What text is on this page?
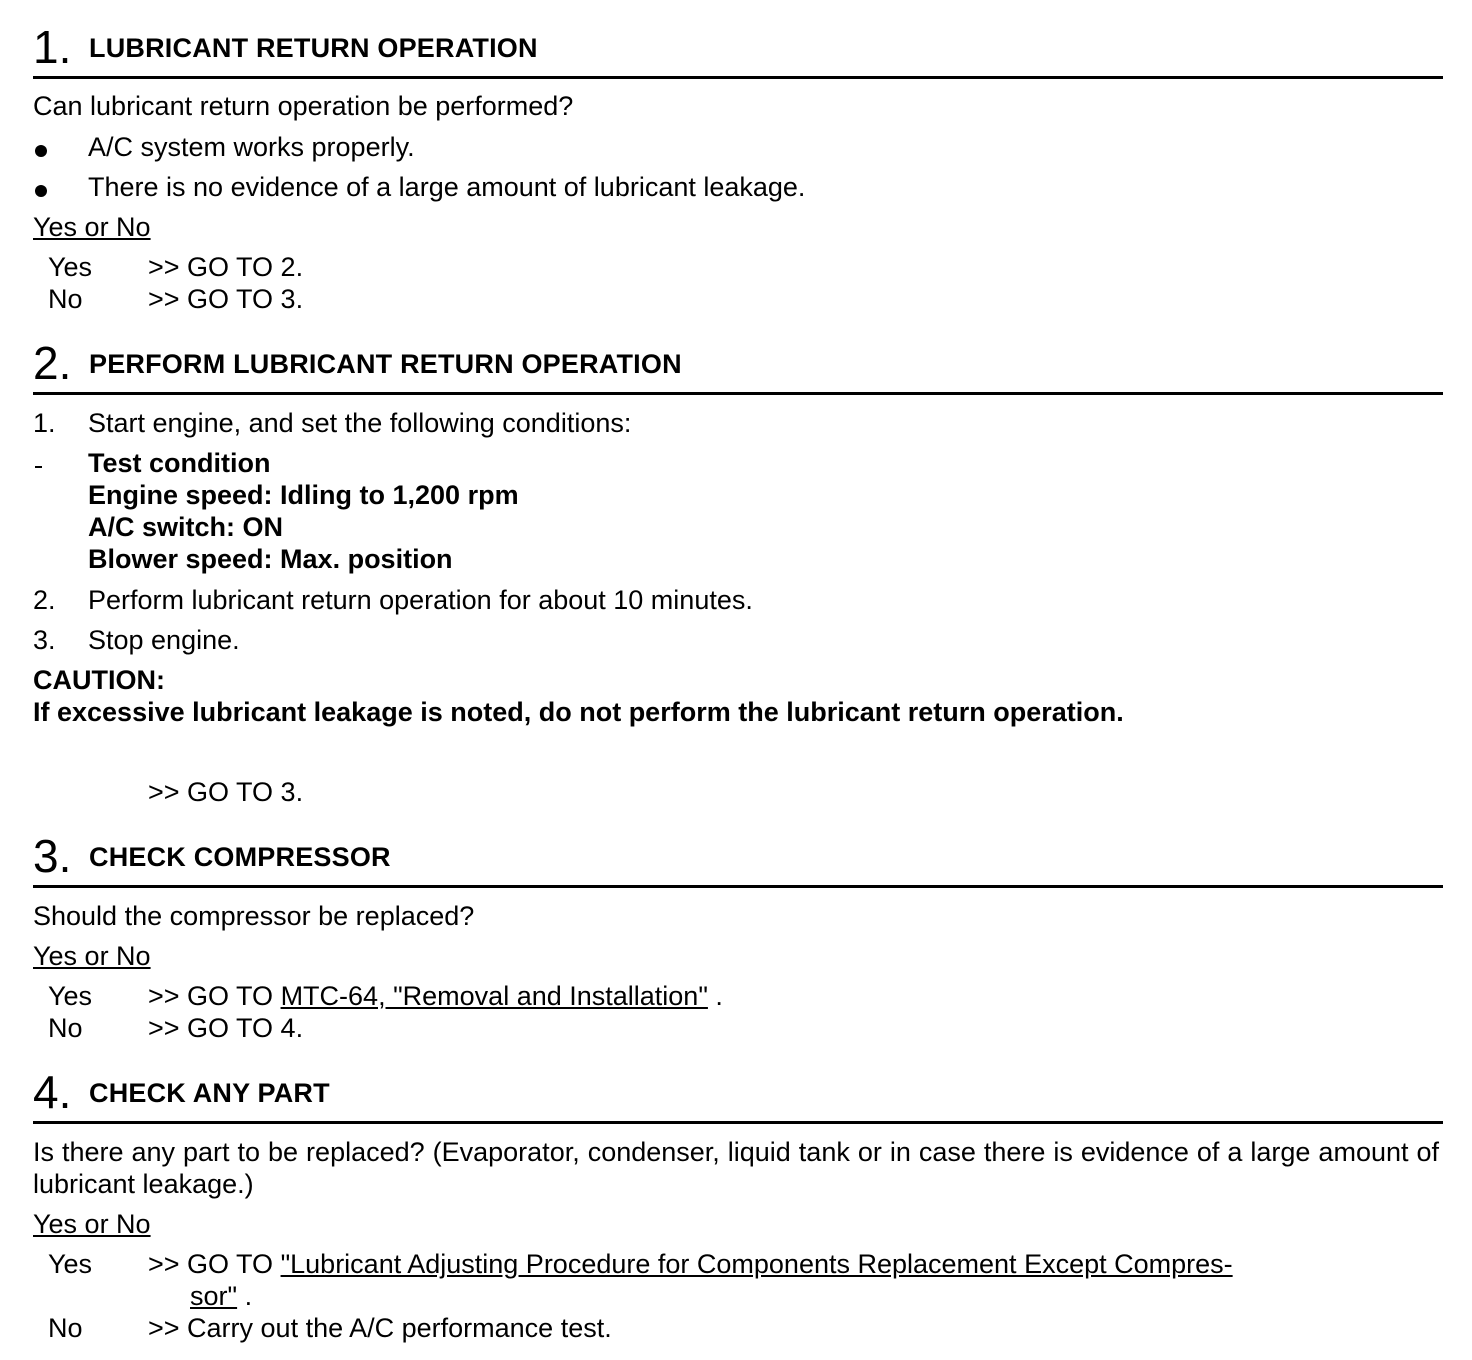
1. LUBRICANT RETURN OPERATION
Can lubricant return operation be performed?
A/C system works properly.
There is no evidence of a large amount of lubricant leakage.
Yes or No
Yes >> GO TO 2.
No >> GO TO 3.
2. PERFORM LUBRICANT RETURN OPERATION
1. Start engine, and set the following conditions:
Test condition
Engine speed: Idling to 1,200 rpm
A/C switch: ON
Blower speed: Max. position
2. Perform lubricant return operation for about 10 minutes.
3. Stop engine.
CAUTION:
If excessive lubricant leakage is noted, do not perform the lubricant return operation.
>> GO TO 3.
3. CHECK COMPRESSOR
Should the compressor be replaced?
Yes or No
Yes >> GO TO MTC-64, "Removal and Installation" .
No >> GO TO 4.
4. CHECK ANY PART
Is there any part to be replaced? (Evaporator, condenser, liquid tank or in case there is evidence of a large amount of lubricant leakage.)
Yes or No
Yes >> GO TO "Lubricant Adjusting Procedure for Components Replacement Except Compres-
sor" .
No >> Carry out the A/C performance test.
